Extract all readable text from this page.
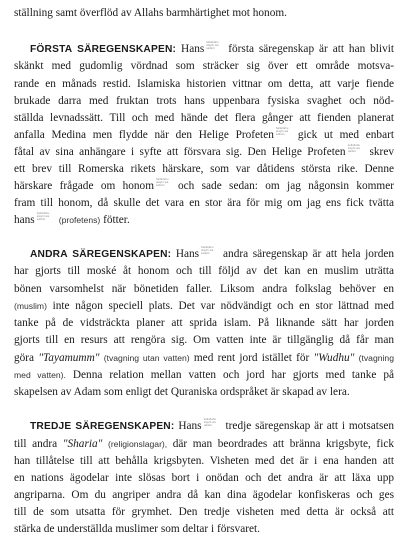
ställning samt överflöd av Allahs barmhärtighet mot honom.
FÖRSTA SÄREGENSKAPEN: HansSallallahu alayhi wa sallam första säregenskap är att han blivit
skänkt med gudomlig vördnad som sträcker sig över ett område motsva-
rande en månads restid. Islamiska historien vittnar om detta, att varje fiende
brukade darra med fruktan trots hans uppenbara fysiska svaghet och nöd-
ställda levnadssätt. Till och med hände det flera gånger att fienden planerat
anfalla Medina men flydde när den Helige ProfetenSallallahu alayhi wa sallam gick ut med enbart
fåtal av sina anhängare i syfte att försvara sig. Den Helige ProfetenSallallahu alayhi wa sallam skrev
ett brev till Romerska rikets härskare, som var dåtidens största rike. Denne
härskare frågade om honomSallallahu alayhi wa sallam och sade sedan: om jag någonsin kommer
fram till honom, då skulle det vara en stor ära för mig om jag ens fick tvätta
hansSallallahu alayhi wa sallam (profetens) fötter.
ANDRA SÄREGENSKAPEN: HansSallallahu alayhi wa sallam andra säregenskap är att hela jorden
har gjorts till moské åt honom och till följd av det kan en muslim uträtta
bönen varsomhelst när bönetiden faller. Liksom andra folkslag behöver en
(muslim) inte någon speciell plats. Det var nödvändigt och en stor lättnad med
tanke på de vidsträckta planer att sprida islam. På liknande sätt har jorden
gjorts till en resurs att rengöra sig. Om vatten inte är tillgänglig då får man
göra "Tayamumm" (tvagning utan vatten) med rent jord istället för "Wudhu" (tvagning
med vatten). Denna relation mellan vatten och jord har gjorts med tanke på
skapelsen av Adam som enligt det Quraniska ordspråket är skapad av lera.
TREDJE SÄREGENSKAPEN: HansSallallahu alayhi wa sallam tredje säregenskap är att i motsatsen
till andra "Sharia" (religionslagar), där man beordrades att bränna krigsbyte, fick
han tillåtelse till att behålla krigsbyten. Visheten med det är i ena handen att
en nations ägodelar inte slösas bort i onödan och det andra är att läxa upp
angriparna. Om du angriper andra då kan dina ägodelar konfiskeras och ges
till de som utsatta för grymhet. Den tredje visheten med detta är också att
stärka de underställda muslimer som deltar i försvaret.
